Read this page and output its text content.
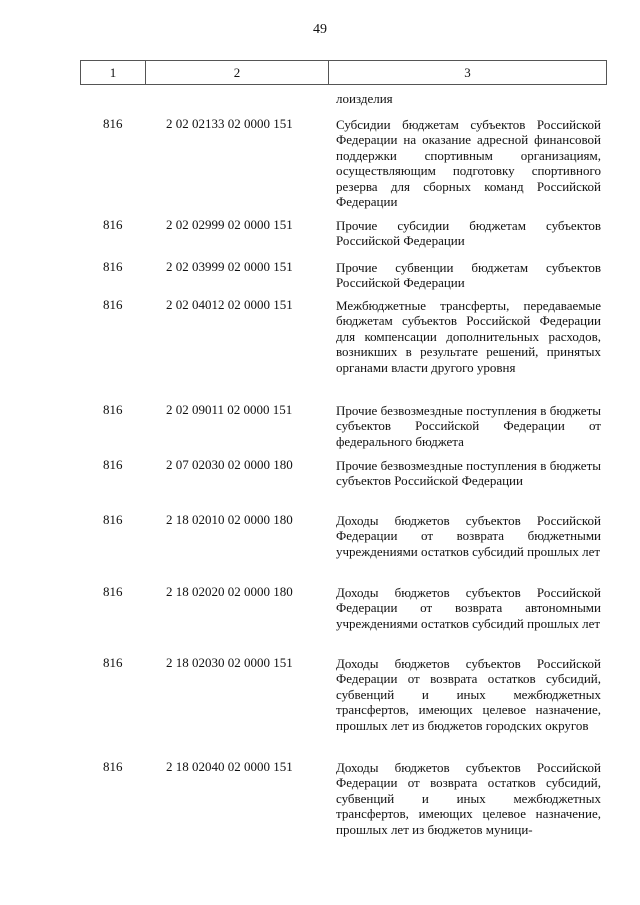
49
1	2	3
лоизделия
816	2 02 02133 02 0000 151	Субсидии бюджетам субъектов Российской Федерации на оказание адресной финансовой поддержки спортивным организациям, осуществляющим подготовку спортивного резерва для сборных команд Российской Федерации
816	2 02 02999 02 0000 151	Прочие субсидии бюджетам субъектов Российской Федерации
816	2 02 03999 02 0000 151	Прочие субвенции бюджетам субъектов Российской Федерации
816	2 02 04012 02 0000 151	Межбюджетные трансферты, передаваемые бюджетам субъектов Российской Федерации для компенсации дополнительных расходов, возникших в результате решений, принятых органами власти другого уровня
816	2 02 09011 02 0000 151	Прочие безвозмездные поступления в бюджеты субъектов Российской Федерации от федерального бюджета
816	2 07 02030 02 0000 180	Прочие безвозмездные поступления в бюджеты субъектов Российской Федерации
816	2 18 02010 02 0000 180	Доходы бюджетов субъектов Российской Федерации от возврата бюджетными учреждениями остатков субсидий прошлых лет
816	2 18 02020 02 0000 180	Доходы бюджетов субъектов Российской Федерации от возврата автономными учреждениями остатков субсидий прошлых лет
816	2 18 02030 02 0000 151	Доходы бюджетов субъектов Российской Федерации от возврата остатков субсидий, субвенций и иных межбюджетных трансфертов, имеющих целевое назначение, прошлых лет из бюджетов городских округов
816	2 18 02040 02 0000 151	Доходы бюджетов субъектов Российской Федерации от возврата остатков субсидий, субвенций и иных межбюджетных трансфертов, имеющих целевое назначение, прошлых лет из бюджетов муници-
